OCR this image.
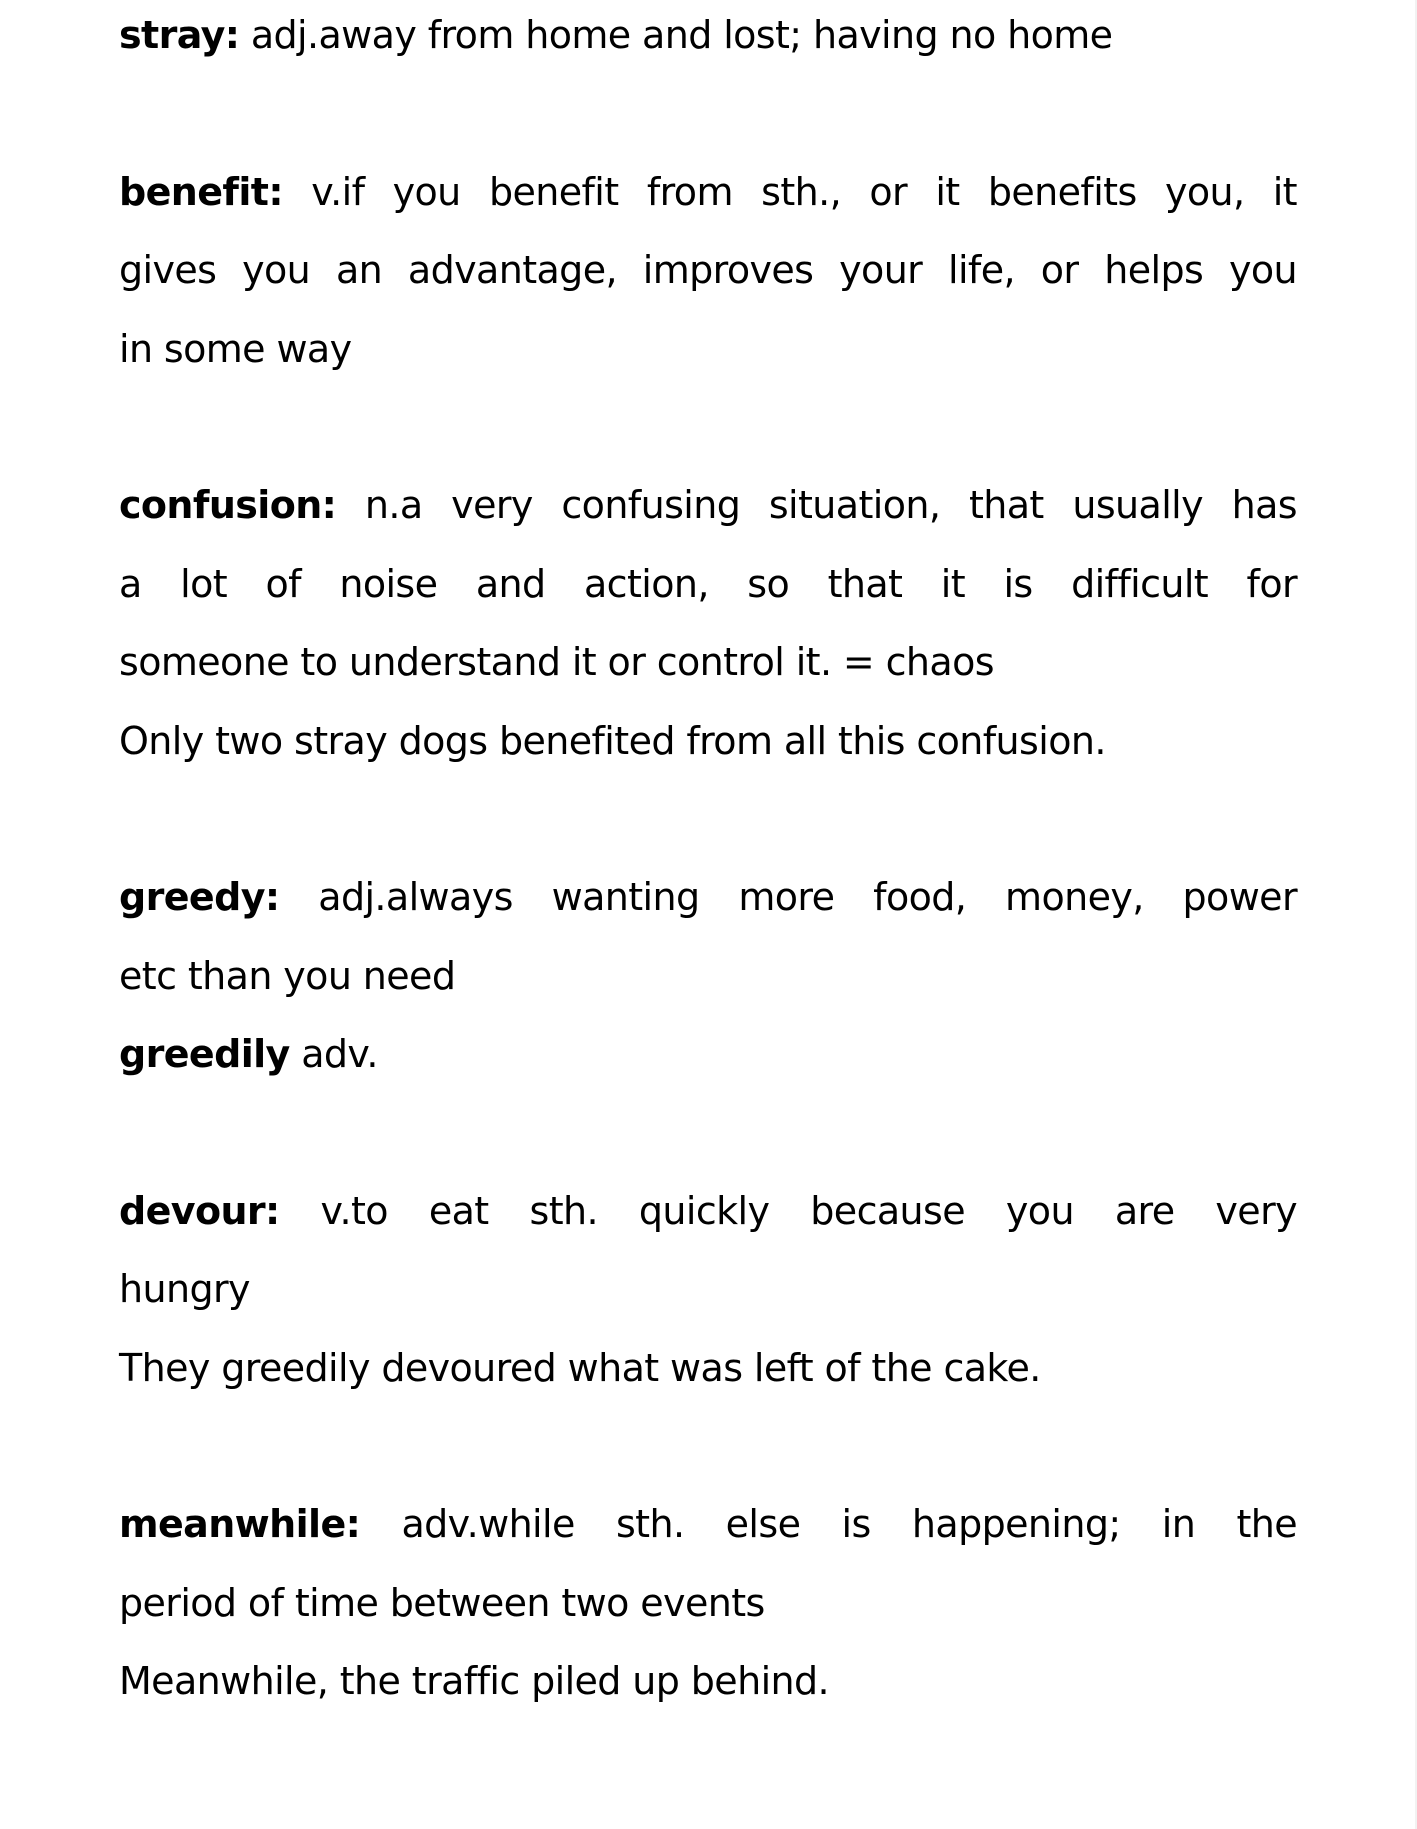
stray: adj.away from home and lost; having no home

benefit: v.if you benefit from sth., or it benefits you, it

gives you an advantage, improves your life, or helps you

in some way

confusion: n.a very confusing situation, that usually has

a lot of noise and action, so that it is difficult for

someone to understand it or control it. = chaos

Only two stray dogs benefited from all this confusion.

greedy: adj.always wanting more food, money, power

etc than you need

greedily adv.

devour: v.to eat sth. quickly because you are very

hungry

They greedily devoured what was left of the cake.

meanwhile: adv.while sth. else is happening; in the

period of time between two events

Meanwhile, the traffic piled up behind.
